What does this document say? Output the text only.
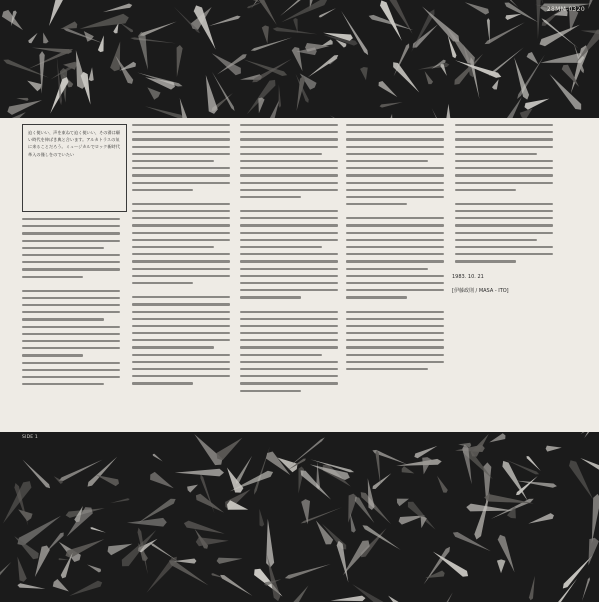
28MM-0320
迫く使いい、声を束ねて迫く使いい、その滞は願い時代を伸ばき典と合います。アルカトラスの気に来ることだろう。ミュージカルでロック新時代革入の僅しをのでいたい
1983. 10. 21
[伊藤政則 / MASA - ITO]
SIDE 1
